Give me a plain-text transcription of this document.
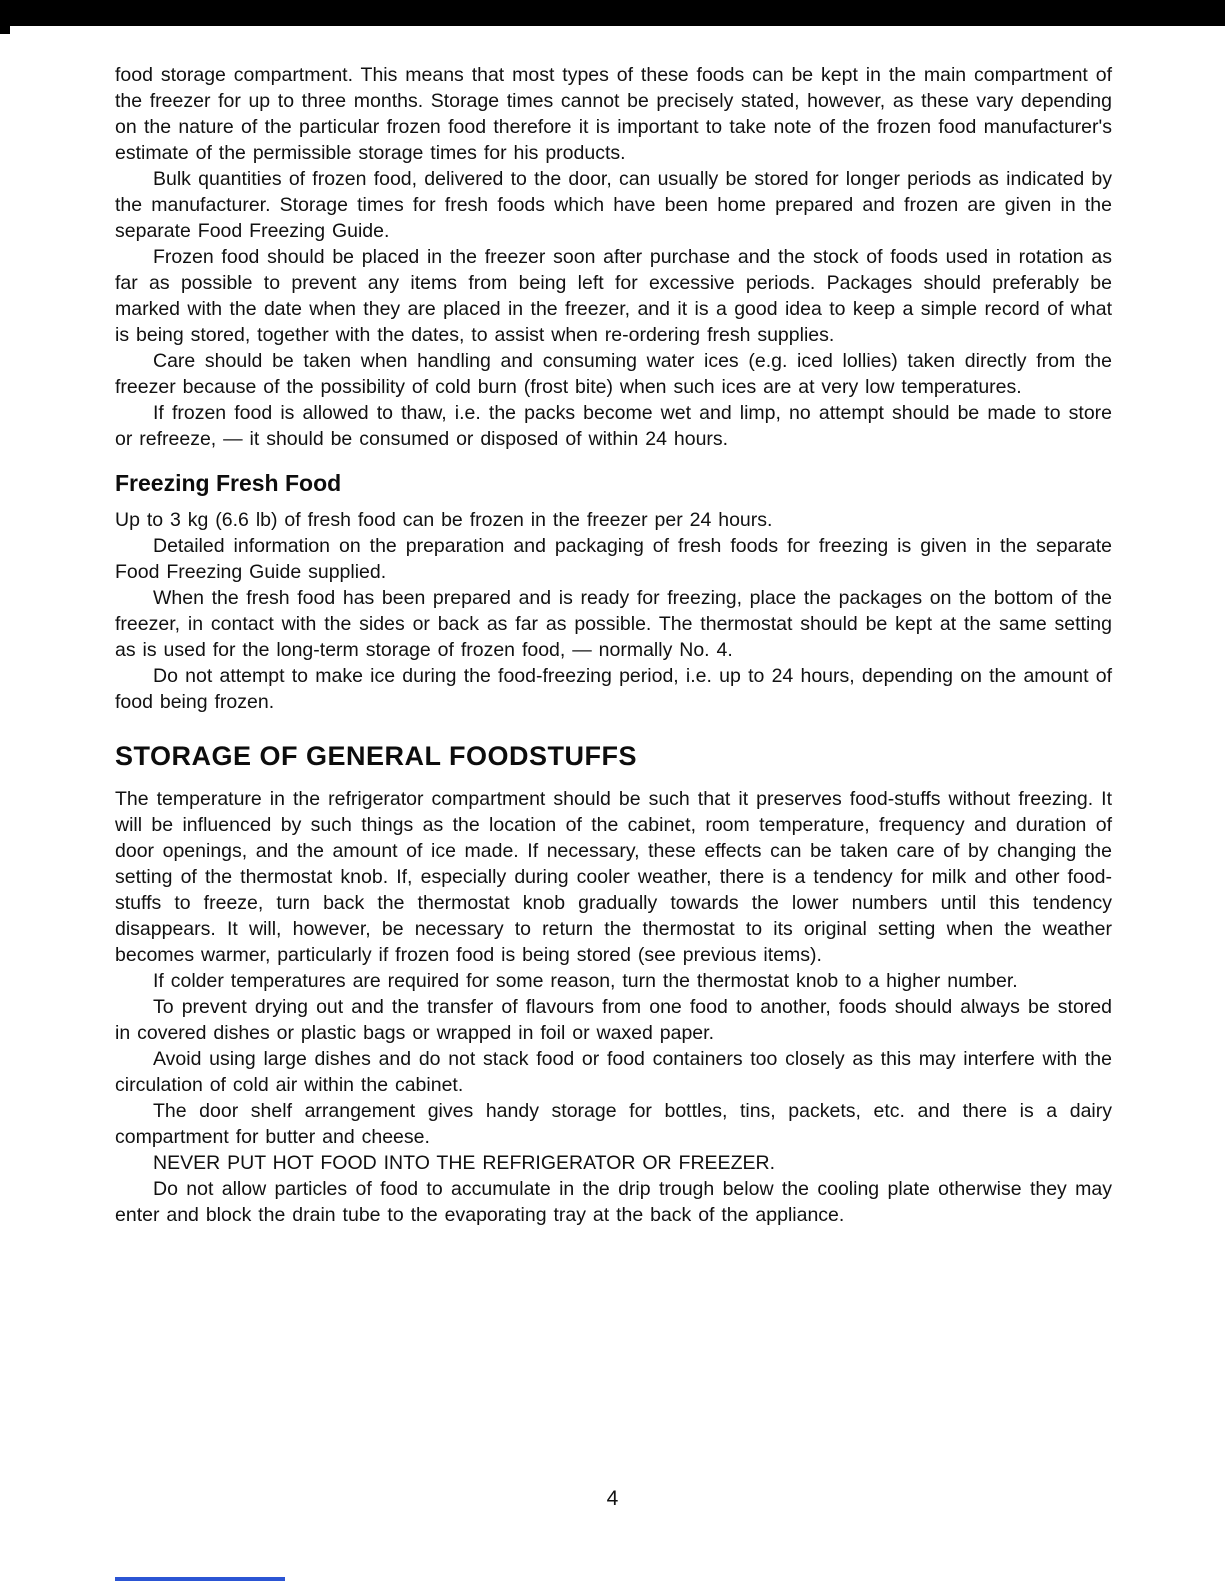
food storage compartment. This means that most types of these foods can be kept in the main compartment of the freezer for up to three months. Storage times cannot be precisely stated, however, as these vary depending on the nature of the particular frozen food therefore it is important to take note of the frozen food manufacturer's estimate of the permissible storage times for his products.

Bulk quantities of frozen food, delivered to the door, can usually be stored for longer periods as indicated by the manufacturer. Storage times for fresh foods which have been home prepared and frozen are given in the separate Food Freezing Guide.

Frozen food should be placed in the freezer soon after purchase and the stock of foods used in rotation as far as possible to prevent any items from being left for excessive periods. Packages should preferably be marked with the date when they are placed in the freezer, and it is a good idea to keep a simple record of what is being stored, together with the dates, to assist when re-ordering fresh supplies.

Care should be taken when handling and consuming water ices (e.g. iced lollies) taken directly from the freezer because of the possibility of cold burn (frost bite) when such ices are at very low temperatures.

If frozen food is allowed to thaw, i.e. the packs become wet and limp, no attempt should be made to store or refreeze, — it should be consumed or disposed of within 24 hours.

Freezing Fresh Food

Up to 3 kg (6.6 lb) of fresh food can be frozen in the freezer per 24 hours.

Detailed information on the preparation and packaging of fresh foods for freezing is given in the separate Food Freezing Guide supplied.

When the fresh food has been prepared and is ready for freezing, place the packages on the bottom of the freezer, in contact with the sides or back as far as possible. The thermostat should be kept at the same setting as is used for the long-term storage of frozen food, — normally No. 4.

Do not attempt to make ice during the food-freezing period, i.e. up to 24 hours, depending on the amount of food being frozen.

STORAGE OF GENERAL FOODSTUFFS

The temperature in the refrigerator compartment should be such that it preserves food-stuffs without freezing. It will be influenced by such things as the location of the cabinet, room temperature, frequency and duration of door openings, and the amount of ice made. If necessary, these effects can be taken care of by changing the setting of the thermostat knob. If, especially during cooler weather, there is a tendency for milk and other food-stuffs to freeze, turn back the thermostat knob gradually towards the lower numbers until this tendency disappears. It will, however, be necessary to return the thermostat to its original setting when the weather becomes warmer, particularly if frozen food is being stored (see previous items).

If colder temperatures are required for some reason, turn the thermostat knob to a higher number.

To prevent drying out and the transfer of flavours from one food to another, foods should always be stored in covered dishes or plastic bags or wrapped in foil or waxed paper.

Avoid using large dishes and do not stack food or food containers too closely as this may interfere with the circulation of cold air within the cabinet.

The door shelf arrangement gives handy storage for bottles, tins, packets, etc. and there is a dairy compartment for butter and cheese.

NEVER PUT HOT FOOD INTO THE REFRIGERATOR OR FREEZER.

Do not allow particles of food to accumulate in the drip trough below the cooling plate otherwise they may enter and block the drain tube to the evaporating tray at the back of the appliance.

4
